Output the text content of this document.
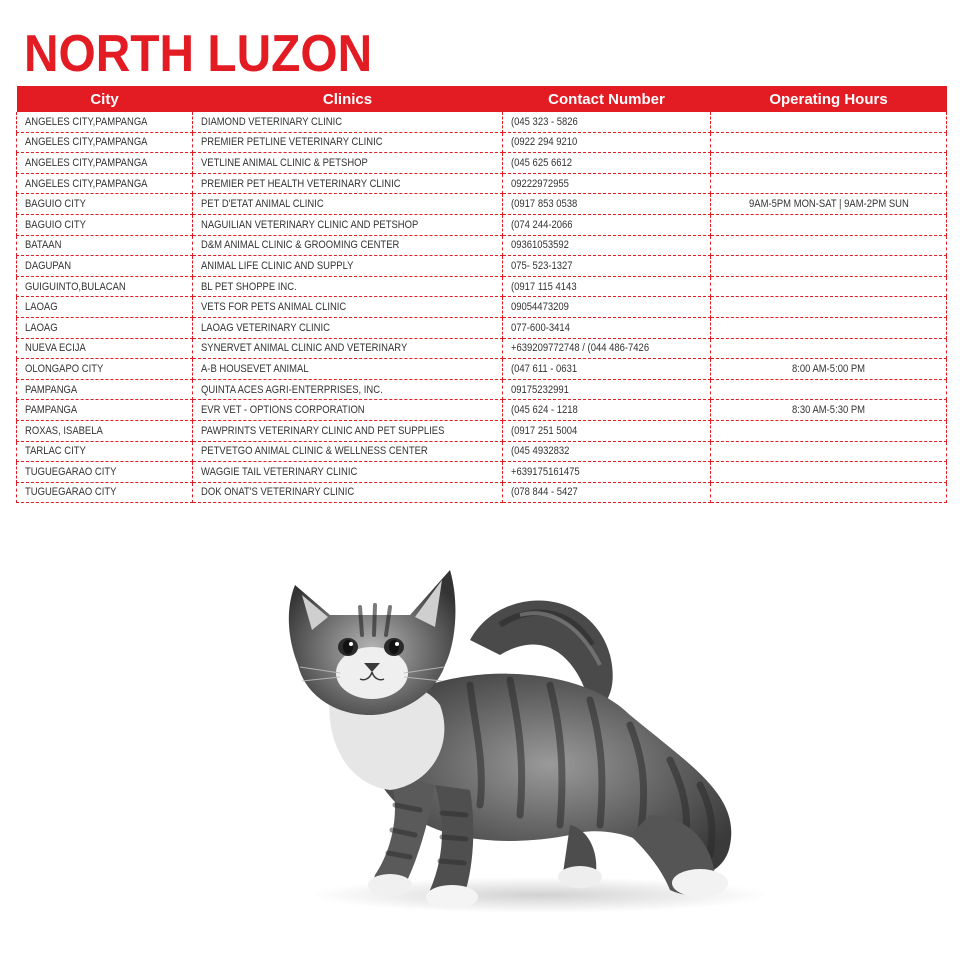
NORTH LUZON
City	Clinics	Contact Number	Operating Hours
ANGELES CITY,PAMPANGA	DIAMOND VETERINARY CLINIC	(045 323 - 5826	
ANGELES CITY,PAMPANGA	PREMIER PETLINE VETERINARY CLINIC	(0922 294 9210	
ANGELES CITY,PAMPANGA	VETLINE ANIMAL CLINIC & PETSHOP	(045 625 6612	
ANGELES CITY,PAMPANGA	PREMIER PET HEALTH VETERINARY CLINIC	09222972955	
BAGUIO CITY	PET D'ETAT ANIMAL CLINIC	(0917 853 0538	9AM-5PM MON-SAT | 9AM-2PM SUN
BAGUIO CITY	NAGUILIAN VETERINARY CLINIC AND PETSHOP	(074 244-2066	
BATAAN	D&M ANIMAL CLINIC & GROOMING CENTER	09361053592	
DAGUPAN	ANIMAL LIFE CLINIC AND SUPPLY	075- 523-1327	
GUIGUINTO,BULACAN	BL PET SHOPPE INC.	(0917 115 4143	
LAOAG	VETS FOR PETS ANIMAL CLINIC	09054473209	
LAOAG	LAOAG VETERINARY CLINIC	077-600-3414	
NUEVA ECIJA	SYNERVET ANIMAL CLINIC AND VETERINARY	+639209772748 / (044 486-7426	
OLONGAPO CITY	A-B HOUSEVET ANIMAL	(047 611 - 0631	8:00 AM-5:00 PM
PAMPANGA	QUINTA ACES AGRI-ENTERPRISES, INC.	09175232991	
PAMPANGA	EVR VET - OPTIONS CORPORATION	(045 624 - 1218	8:30 AM-5:30 PM
ROXAS, ISABELA	PAWPRINTS VETERINARY CLINIC AND PET SUPPLIES	(0917 251 5004	
TARLAC CITY	PETVETGO ANIMAL CLINIC & WELLNESS CENTER	(045 4932832	
TUGUEGARAO CITY	WAGGIE TAIL VETERINARY CLINIC	+639175161475	
TUGUEGARAO CITY	DOK ONAT'S VETERINARY CLINIC	(078 844 - 5427	
